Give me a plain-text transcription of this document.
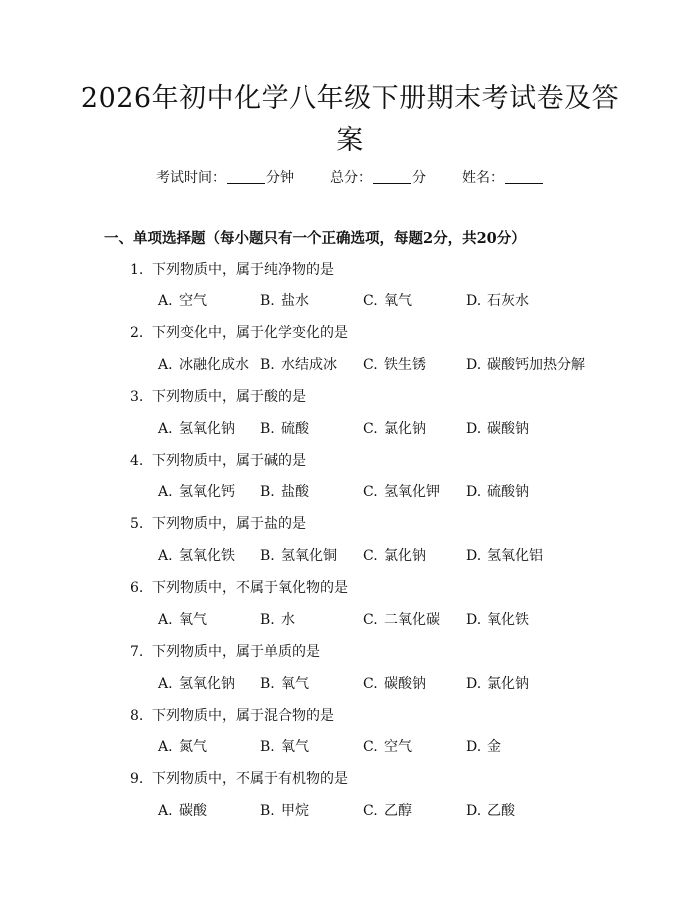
2026年初中化学八年级下册期末考试卷及答案
考试时间：	分钟	总分：	分	姓名：
一、单项选择题（每小题只有一个正确选项，每题2分，共20分）
1. 下列物质中，属于纯净物的是
A. 空气	B. 盐水	C. 氧气	D. 石灰水
2. 下列变化中，属于化学变化的是
A. 冰融化成水 B. 水结成冰 C. 铁生锈	D. 碳酸钙加热分解
3. 下列物质中，属于酸的是
A. 氢氧化钠 B. 硫酸	C. 氯化钠	D. 碳酸钠
4. 下列物质中，属于碱的是
A. 氢氧化钙 B. 盐酸	C. 氢氧化钾 D. 硫酸钠
5. 下列物质中，属于盐的是
A. 氢氧化铁 B. 氢氧化铜 C. 氯化钠	D. 氢氧化铝
6. 下列物质中，不属于氧化物的是
A. 氧气	B. 水	C. 二氧化碳 D. 氧化铁
7. 下列物质中，属于单质的是
A. 氢氧化钠 B. 氧气	C. 碳酸钠	D. 氯化钠
8. 下列物质中，属于混合物的是
A. 氮气	B. 氧气	C. 空气	D. 金
9. 下列物质中，不属于有机物的是
A. 碳酸	B. 甲烷	C. 乙醇	D. 乙酸
